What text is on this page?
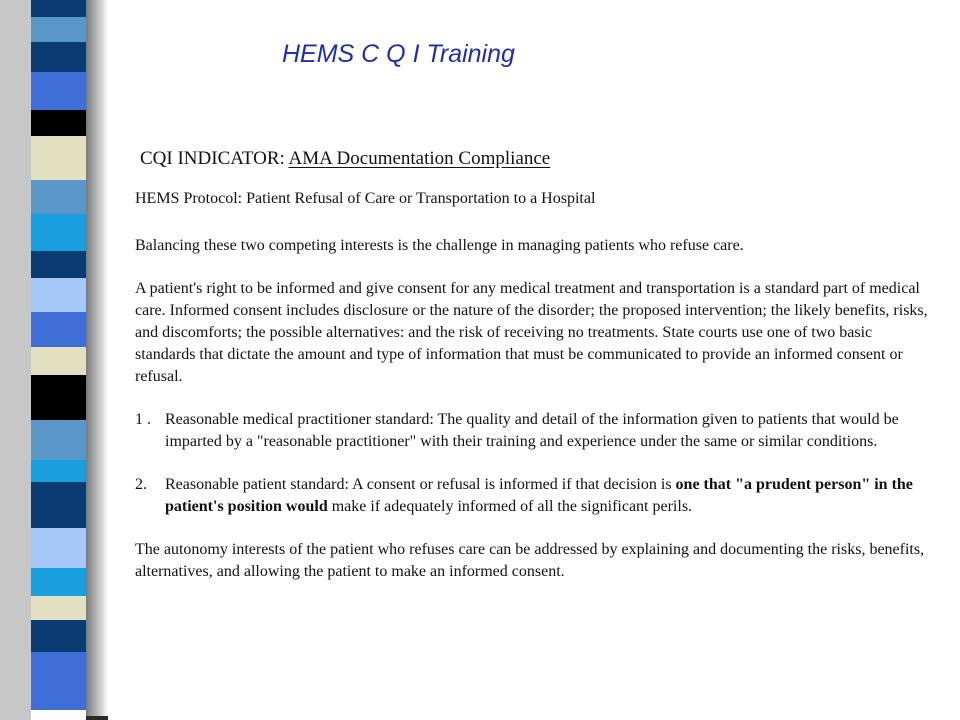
HEMS C Q I Training
CQI INDICATOR: AMA Documentation Compliance
HEMS Protocol: Patient Refusal of Care or Transportation to a Hospital

Balancing these two competing interests is the challenge in managing patients who refuse care.

A patient's right to be informed and give consent for any medical treatment and transportation is a standard part of medical care. Informed consent includes disclosure or the nature of the disorder; the proposed intervention; the likely benefits, risks, and discomforts; the possible alternatives: and the risk of receiving no treatments. State courts use one of two basic standards that dictate the amount and type of information that must be communicated to provide an informed consent or refusal.

1 . Reasonable medical practitioner standard: The quality and detail of the information given to patients that would be imparted by a "reasonable practitioner" with their training and experience under the same or similar conditions.
2.	Reasonable patient standard: A consent or refusal is informed if that decision is one that "a prudent person" in the patient's position would make if adequately informed of all the significant perils.

The autonomy interests of the patient who refuses care can be addressed by explaining and documenting the risks, benefits, alternatives, and allowing the patient to make an informed consent.
